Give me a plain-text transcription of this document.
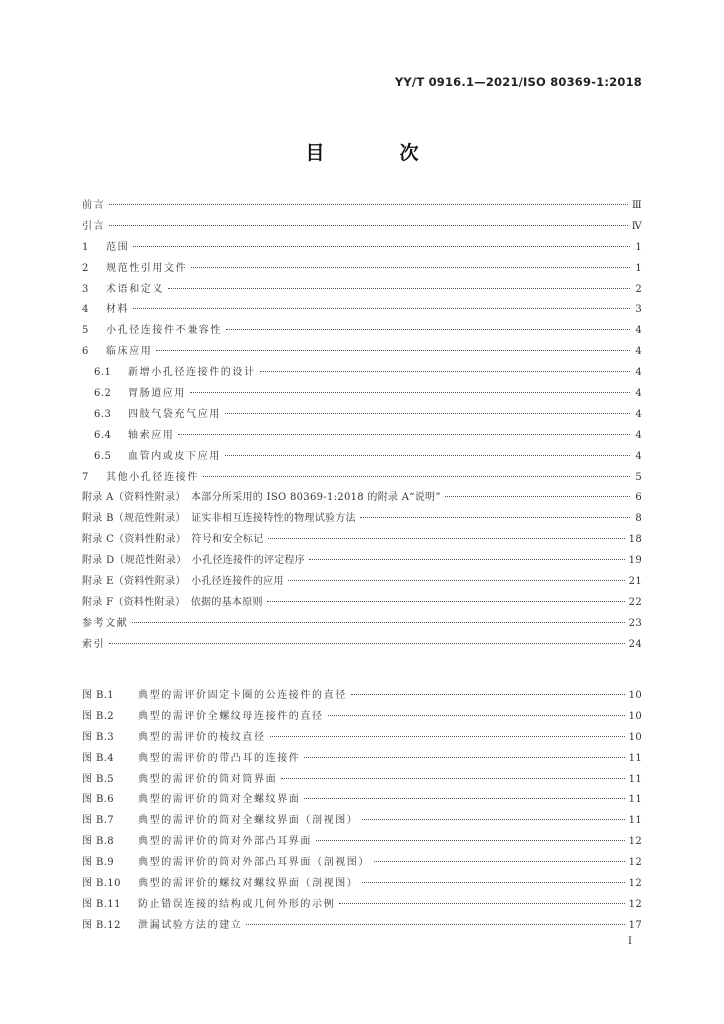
YY/T 0916.1—2021/ISO 80369-1:2018
目　次
前言	Ⅲ
引言	Ⅳ
1	范围	1
2	规范性引用文件	1
3	术语和定义	2
4	材料	3
5	小孔径连接件不兼容性	4
6	临床应用	4
6.1	新增小孔径连接件的设计	4
6.2	胃肠道应用	4
6.3	四肢气袋充气应用	4
6.4	轴索应用	4
6.5	血管内或皮下应用	4
7	其他小孔径连接件	5
附录 A（资料性附录）　本部分所采用的 ISO 80369-1:2018 的附录 A“说明”	6
附录 B（规范性附录）　证实非相互连接特性的物理试验方法	8
附录 C（资料性附录）　符号和安全标记	18
附录 D（规范性附录）　小孔径连接件的评定程序	19
附录 E（资料性附录）　小孔径连接件的应用	21
附录 F（资料性附录）　依据的基本原则	22
参考文献	23
索引	24
图 B.1	典型的需评价固定卡圈的公连接件的直径	10
图 B.2	典型的需评价全螺纹母连接件的直径	10
图 B.3	典型的需评价的棱纹直径	10
图 B.4	典型的需评价的带凸耳的连接件	11
图 B.5	典型的需评价的筒对筒界面	11
图 B.6	典型的需评价的筒对全螺纹界面	11
图 B.7	典型的需评价的筒对全螺纹界面（剖视图）	11
图 B.8	典型的需评价的筒对外部凸耳界面	12
图 B.9	典型的需评价的筒对外部凸耳界面（剖视图）	12
图 B.10	典型的需评价的螺纹对螺纹界面（剖视图）	12
图 B.11	防止错误连接的结构或几何外形的示例	12
图 B.12	泄漏试验方法的建立	17
I
